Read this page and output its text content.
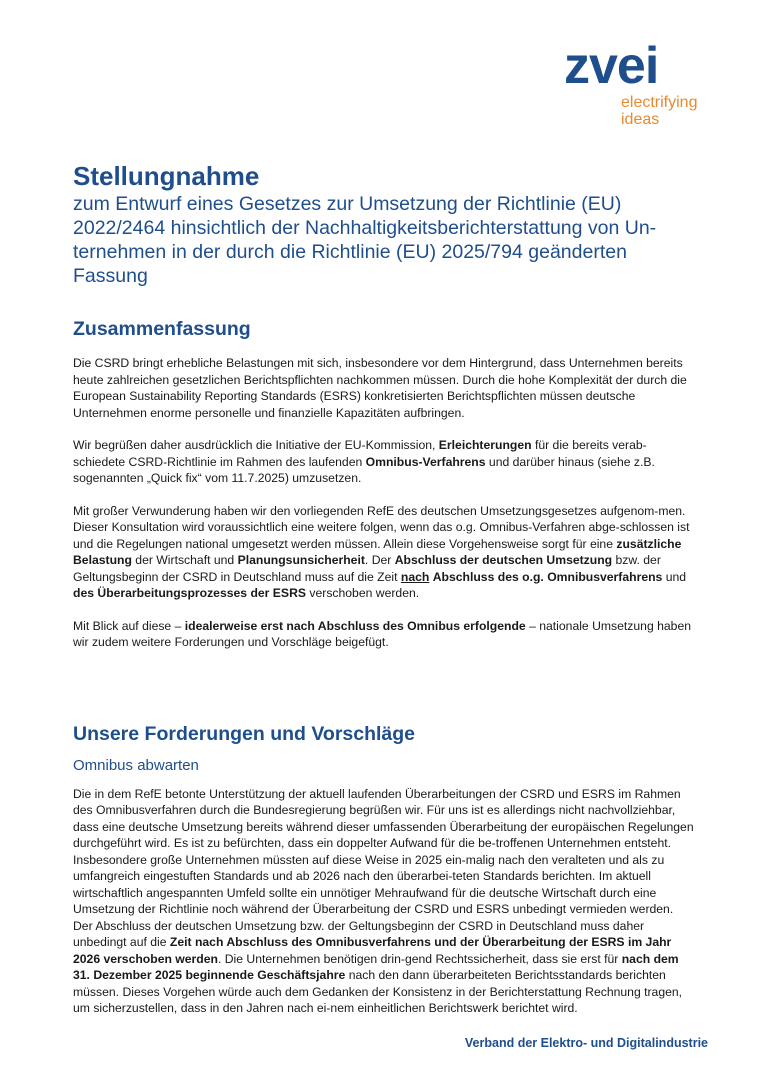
zvei
electrifying
ideas
Stellungnahme
zum Entwurf eines Gesetzes zur Umsetzung der Richtlinie (EU)
2022/2464 hinsichtlich der Nachhaltigkeitsberichterstattung von Un-
ternehmen in der durch die Richtlinie (EU) 2025/794 geänderten
Fassung
Zusammenfassung

Die CSRD bringt erhebliche Belastungen mit sich, insbesondere vor dem Hintergrund, dass Unternehmen bereits heute zahlreichen gesetzlichen Berichtspflichten nachkommen müssen. Durch die hohe Komplexität der durch die European Sustainability Reporting Standards (ESRS) konkretisierten Berichtspflichten müssen deutsche Unternehmen enorme personelle und finanzielle Kapazitäten aufbringen.

Wir begrüßen daher ausdrücklich die Initiative der EU-Kommission, Erleichterungen für die bereits verab-schiedete CSRD-Richtlinie im Rahmen des laufenden Omnibus-Verfahrens und darüber hinaus (siehe z.B. sogenannten „Quick fix“ vom 11.7.2025) umzusetzen.

Mit großer Verwunderung haben wir den vorliegenden RefE des deutschen Umsetzungsgesetzes aufgenom-men. Dieser Konsultation wird voraussichtlich eine weitere folgen, wenn das o.g. Omnibus-Verfahren abge-schlossen ist und die Regelungen national umgesetzt werden müssen. Allein diese Vorgehensweise sorgt für eine zusätzliche Belastung der Wirtschaft und Planungsunsicherheit. Der Abschluss der deutschen Umsetzung bzw. der Geltungsbeginn der CSRD in Deutschland muss auf die Zeit nach Abschluss des o.g. Omnibusverfahrens und des Überarbeitungsprozesses der ESRS verschoben werden.

Mit Blick auf diese – idealerweise erst nach Abschluss des Omnibus erfolgende – nationale Umsetzung haben wir zudem weitere Forderungen und Vorschläge beigefügt.

Unsere Forderungen und Vorschläge
Omnibus abwarten

Die in dem RefE betonte Unterstützung der aktuell laufenden Überarbeitungen der CSRD und ESRS im Rahmen des Omnibusverfahren durch die Bundesregierung begrüßen wir. Für uns ist es allerdings nicht nachvollziehbar, dass eine deutsche Umsetzung bereits während dieser umfassenden Überarbeitung der europäischen Regelungen durchgeführt wird. Es ist zu befürchten, dass ein doppelter Aufwand für die be-troffenen Unternehmen entsteht. Insbesondere große Unternehmen müssten auf diese Weise in 2025 ein-malig nach den veralteten und als zu umfangreich eingestuften Standards und ab 2026 nach den überarbei-teten Standards berichten. Im aktuell wirtschaftlich angespannten Umfeld sollte ein unnötiger Mehraufwand für die deutsche Wirtschaft durch eine Umsetzung der Richtlinie noch während der Überarbeitung der CSRD und ESRS unbedingt vermieden werden. Der Abschluss der deutschen Umsetzung bzw. der Geltungsbeginn der CSRD in Deutschland muss daher unbedingt auf die Zeit nach Abschluss des Omnibusverfahrens und der Überarbeitung der ESRS im Jahr 2026 verschoben werden. Die Unternehmen benötigen drin-gend Rechtssicherheit, dass sie erst für nach dem 31. Dezember 2025 beginnende Geschäftsjahre nach den dann überarbeiteten Berichtsstandards berichten müssen. Dieses Vorgehen würde auch dem Gedanken der Konsistenz in der Berichterstattung Rechnung tragen, um sicherzustellen, dass in den Jahren nach ei-nem einheitlichen Berichtswerk berichtet wird.

Verband der Elektro- und Digitalindustrie
